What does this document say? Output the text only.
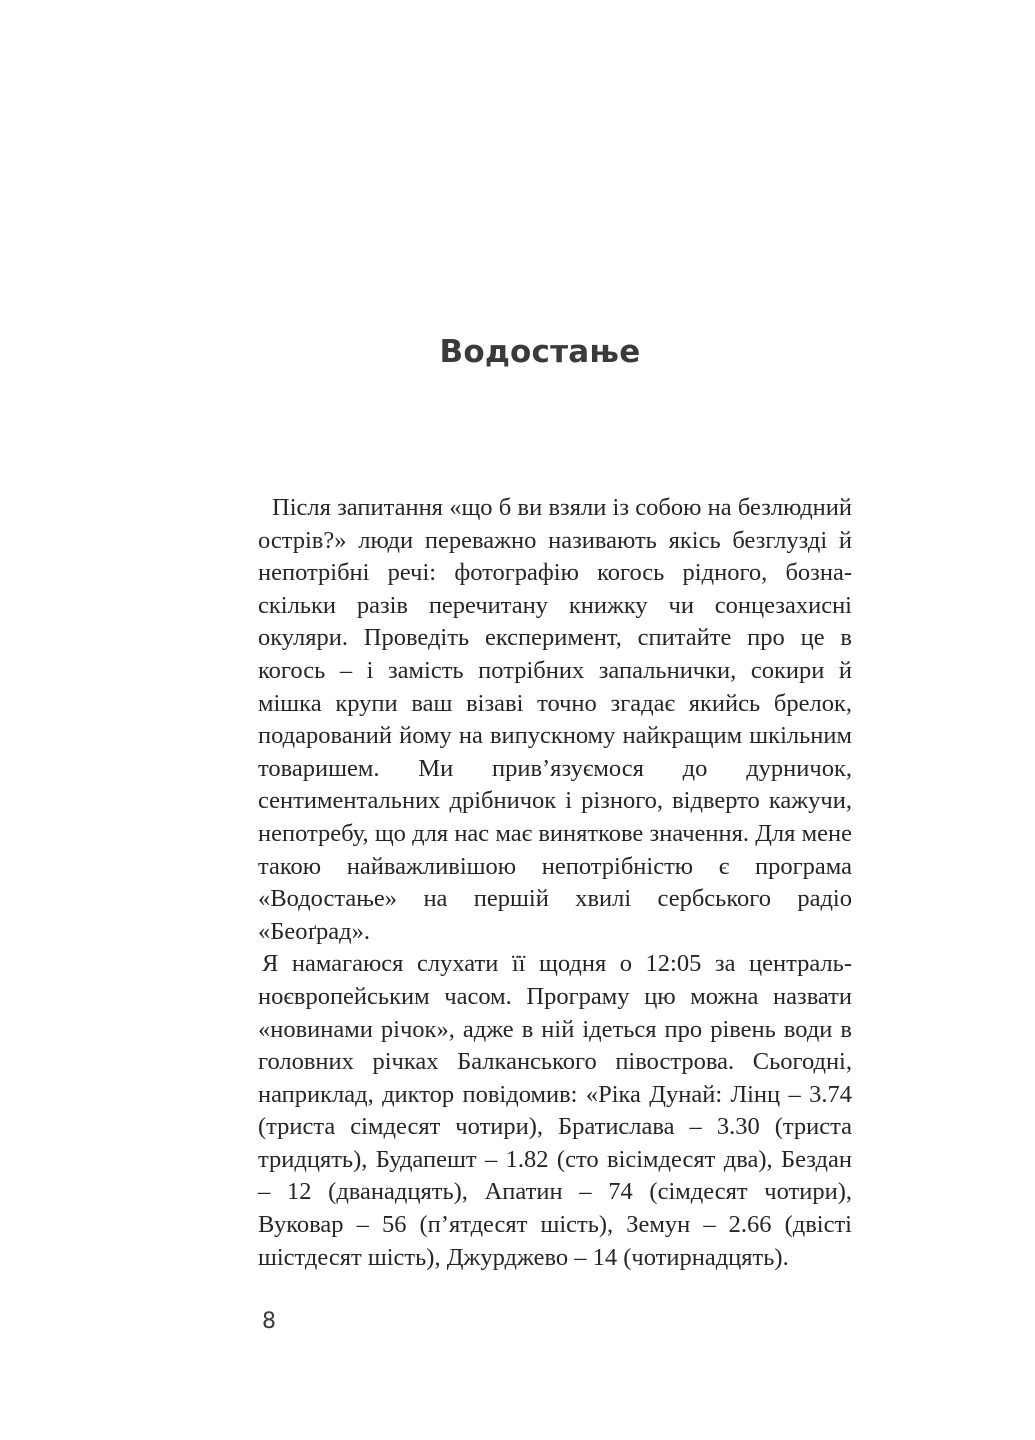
Водостање

Після запитання «що б ви взяли із собою на безлюдний острів?» люди переважно називають якісь безглузді й непотрібні речі: фотографію когось рідного, бозна-скільки разів перечитану книжку чи сонцезахисні окуляри. Проведіть експеримент, спитайте про це в когось – і замість потрібних запальнички, сокири й мішка крупи ваш візаві точно згадає якийсь брелок, подарований йому на випускному найкращим шкільним товаришем. Ми прив’язуємося до дурничок, сентиментальних дрібничок і різного, відверто кажучи, непотребу, що для нас має виняткове значення. Для мене такою найважливішою непотрібністю є програма «Водостање» на першій хвилі сербського радіо «Беоґрад».

Я намагаюся слухати її щодня о 12:05 за центральноєвропейським часом. Програму цю можна назвати «новинами річок», адже в ній ідеться про рівень води в головних річках Балканського півострова. Сьогодні, наприклад, диктор повідомив: «Ріка Дунай: Лінц – 3.74 (триста сімдесят чотири), Братислава – 3.30 (триста тридцять), Будапешт – 1.82 (сто вісімдесят два), Бездан – 12 (дванадцять), Апатин – 74 (сімдесят чотири), Вуковар – 56 (п’ятдесят шість), Земун – 2.66 (двісті шістдесят шість), Джурджево – 14 (чотирнадцять).

8
